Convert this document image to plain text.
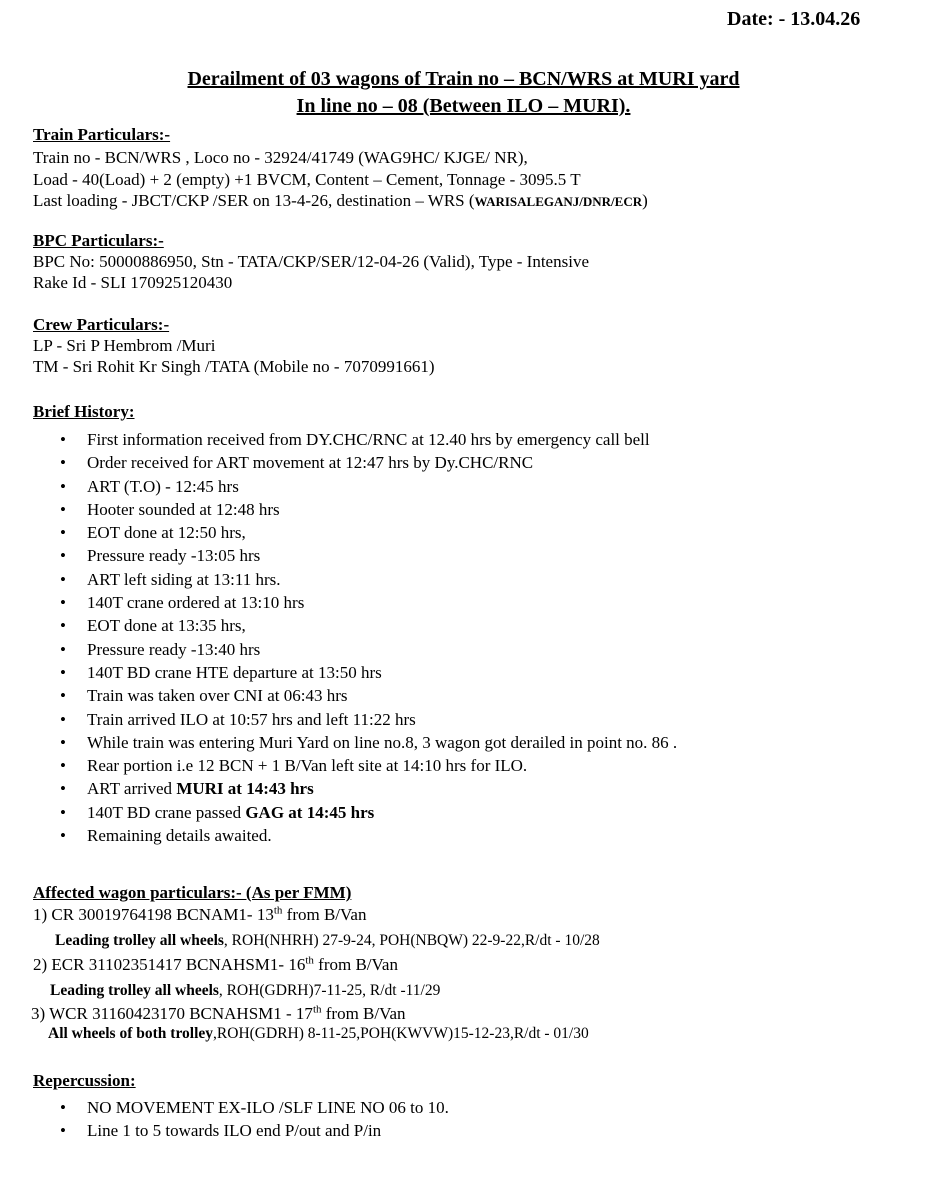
Date: - 13.04.26
Derailment of 03 wagons of Train no – BCN/WRS at MURI yard
In line no – 08 (Between ILO – MURI).
Train Particulars:-
Train no - BCN/WRS , Loco no - 32924/41749 (WAG9HC/ KJGE/ NR),
Load - 40(Load) + 2 (empty) +1 BVCM, Content – Cement, Tonnage - 3095.5 T
Last loading - JBCT/CKP /SER on 13-4-26, destination – WRS (WARISALEGANJ/DNR/ECR)
BPC Particulars:-
BPC No: 50000886950, Stn - TATA/CKP/SER/12-04-26 (Valid), Type - Intensive
Rake Id - SLI 170925120430
Crew Particulars:-
LP - Sri P Hembrom /Muri
TM - Sri Rohit Kr Singh /TATA (Mobile no - 7070991661)
Brief History:
• First information received from DY.CHC/RNC at 12.40 hrs by emergency call bell
• Order received for ART movement at 12:47 hrs by Dy.CHC/RNC
• ART (T.O) - 12:45 hrs
• Hooter sounded at 12:48 hrs
• EOT done at 12:50 hrs,
• Pressure ready -13:05 hrs
• ART left siding at 13:11 hrs.
• 140T crane ordered at 13:10 hrs
• EOT done at 13:35 hrs,
• Pressure ready -13:40 hrs
• 140T BD crane HTE departure at 13:50 hrs
• Train was taken over CNI at 06:43 hrs
• Train arrived ILO at 10:57 hrs and left 11:22 hrs
• While train was entering Muri Yard on line no.8, 3 wagon got derailed in point no. 86 .
• Rear portion i.e 12 BCN + 1 B/Van left site at 14:10 hrs for ILO.
• ART arrived MURI at 14:43 hrs
• 140T BD crane passed GAG at 14:45 hrs
• Remaining details awaited.
Affected wagon particulars:- (As per FMM)
1) CR 30019764198 BCNAM1- 13th from B/Van
Leading trolley all wheels, ROH(NHRH) 27-9-24, POH(NBQW) 22-9-22,R/dt - 10/28
2) ECR 31102351417 BCNAHSM1- 16th from B/Van
Leading trolley all wheels, ROH(GDRH)7-11-25, R/dt -11/29
3) WCR 31160423170 BCNAHSM1 - 17th from B/Van
All wheels of both trolley,ROH(GDRH) 8-11-25,POH(KWVW)15-12-23,R/dt - 01/30
Repercussion:
• NO MOVEMENT EX-ILO /SLF LINE NO 06 to 10.
• Line 1 to 5 towards ILO end P/out and P/in
